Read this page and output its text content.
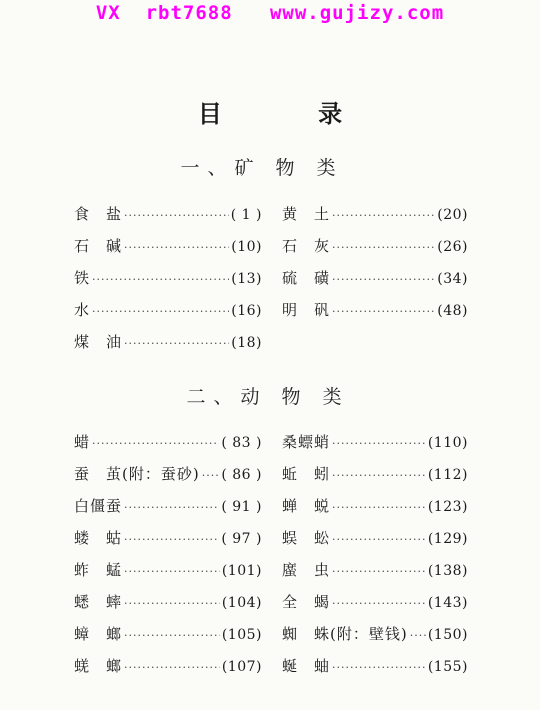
VX  rbt7688   www.gujizy.com
目 录
一、矿 物 类
食　盐 ·····	( 1 )
石　碱 ·····	(10)
铁 ·····	(13)
水 ·····	(16)
煤　油 ·····	(18)
黄　土 ·····	(20)
石　灰 ·····	(26)
硫　磺 ·····	(34)
明　矾 ·····	(48)
二、动 物 类
蜡 ·····	( 83 )
蚕　茧(附：蚕砂) ····· ( 86 )
白僵蚕 ·····	( 91 )
蝼　蛄 ·····	( 97 )
蚱　蜢 ·····	(101)
蟋　蟀 ·····	(104)
蟑　螂 ·····	(105)
蜣　螂 ·····	(107)
桑螵蛸 ·····	(110)
蚯　蚓 ·····	(112)
蝉　蜕 ·····	(123)
蜈　蚣 ·····	(129)
䗪　虫 ·····	(138)
全　蝎 ·····	(143)
蜘　蛛(附：壁钱) ····· (150)
蜒　蚰 ·····	(155)
